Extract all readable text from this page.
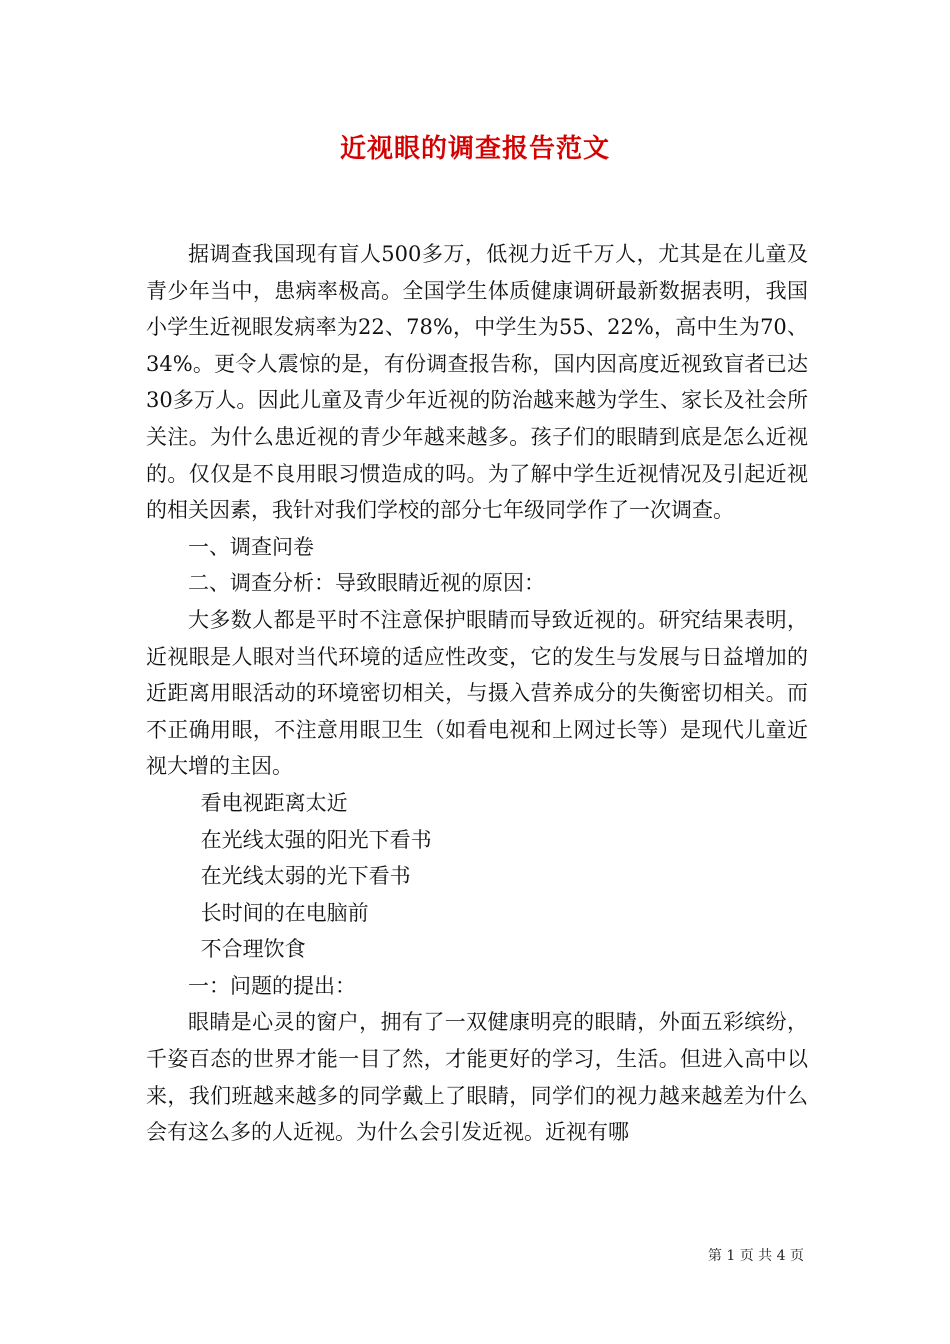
近视眼的调查报告范文

据调查我国现有盲人500多万，低视力近千万人，尤其是在儿童及青少年当中，患病率极高。全国学生体质健康调研最新数据表明，我国小学生近视眼发病率为22、78%，中学生为55、22%，高中生为70、34%。更令人震惊的是，有份调查报告称，国内因高度近视致盲者已达30多万人。因此儿童及青少年近视的防治越来越为学生、家长及社会所关注。为什么患近视的青少年越来越多。孩子们的眼睛到底是怎么近视的。仅仅是不良用眼习惯造成的吗。为了解中学生近视情况及引起近视的相关因素，我针对我们学校的部分七年级同学作了一次调查。

一、调查问卷

二、调查分析：导致眼睛近视的原因：

大多数人都是平时不注意保护眼睛而导致近视的。研究结果表明，近视眼是人眼对当代环境的适应性改变，它的发生与发展与日益增加的近距离用眼活动的环境密切相关，与摄入营养成分的失衡密切相关。而不正确用眼，不注意用眼卫生（如看电视和上网过长等）是现代儿童近视大增的主因。

看电视距离太近

在光线太强的阳光下看书

在光线太弱的光下看书

长时间的在电脑前

不合理饮食

一：问题的提出：

眼睛是心灵的窗户，拥有了一双健康明亮的眼睛，外面五彩缤纷，千姿百态的世界才能一目了然，才能更好的学习，生活。但进入高中以来，我们班越来越多的同学戴上了眼睛，同学们的视力越来越差为什么会有这么多的人近视。为什么会引发近视。近视有哪

第 1 页 共 4 页
